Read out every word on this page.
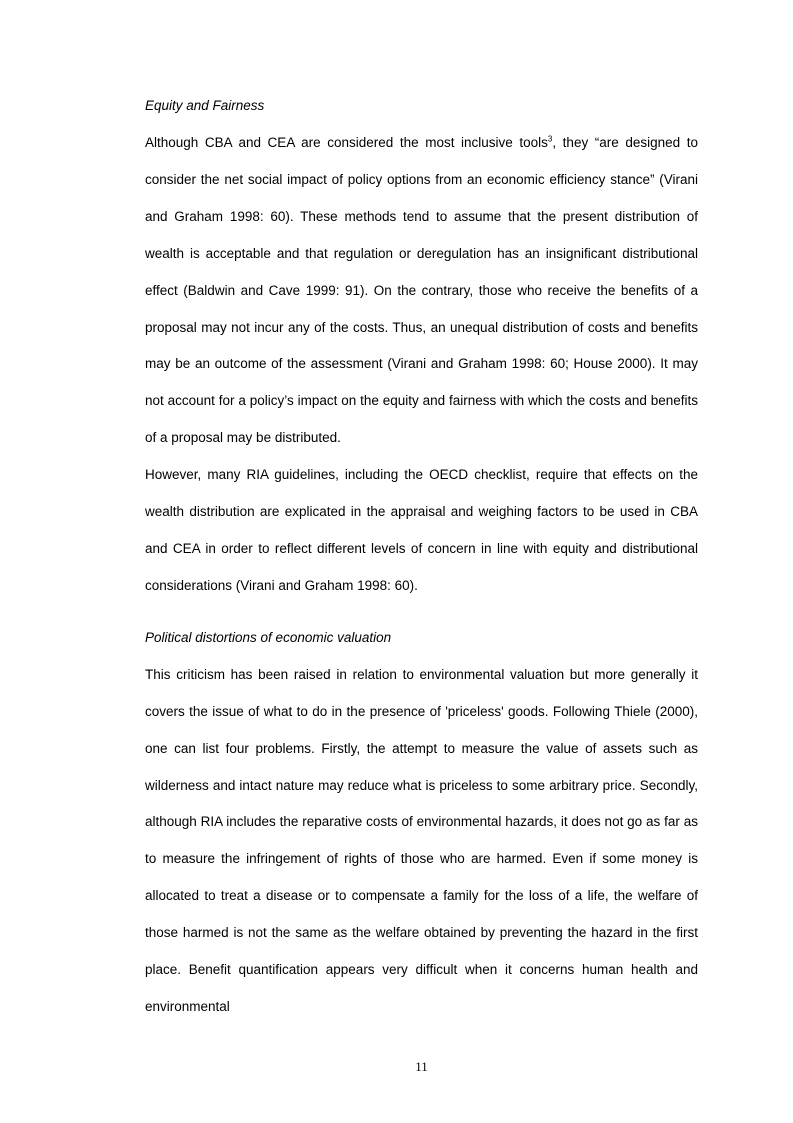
Equity and Fairness

Although CBA and CEA are considered the most inclusive tools$^3$, they “are designed to consider the net social impact of policy options from an economic efficiency stance” (Virani and Graham 1998: 60). These methods tend to assume that the present distribution of wealth is acceptable and that regulation or deregulation has an insignificant distributional effect (Baldwin and Cave 1999: 91). On the contrary, those who receive the benefits of a proposal may not incur any of the costs. Thus, an unequal distribution of costs and benefits may be an outcome of the assessment (Virani and Graham 1998: 60; House 2000). It may not account for a policy’s impact on the equity and fairness with which the costs and benefits of a proposal may be distributed.

However, many RIA guidelines, including the OECD checklist, require that effects on the wealth distribution are explicated in the appraisal and weighing factors to be used in CBA and CEA in order to reflect different levels of concern in line with equity and distributional considerations (Virani and Graham 1998: 60).

Political distortions of economic valuation

This criticism has been raised in relation to environmental valuation but more generally it covers the issue of what to do in the presence of 'priceless' goods. Following Thiele (2000), one can list four problems. Firstly, the attempt to measure the value of assets such as wilderness and intact nature may reduce what is priceless to some arbitrary price. Secondly, although RIA includes the reparative costs of environmental hazards, it does not go as far as to measure the infringement of rights of those who are harmed. Even if some money is allocated to treat a disease or to compensate a family for the loss of a life, the welfare of those harmed is not the same as the welfare obtained by preventing the hazard in the first place. Benefit quantification appears very difficult when it concerns human health and environmental

11
